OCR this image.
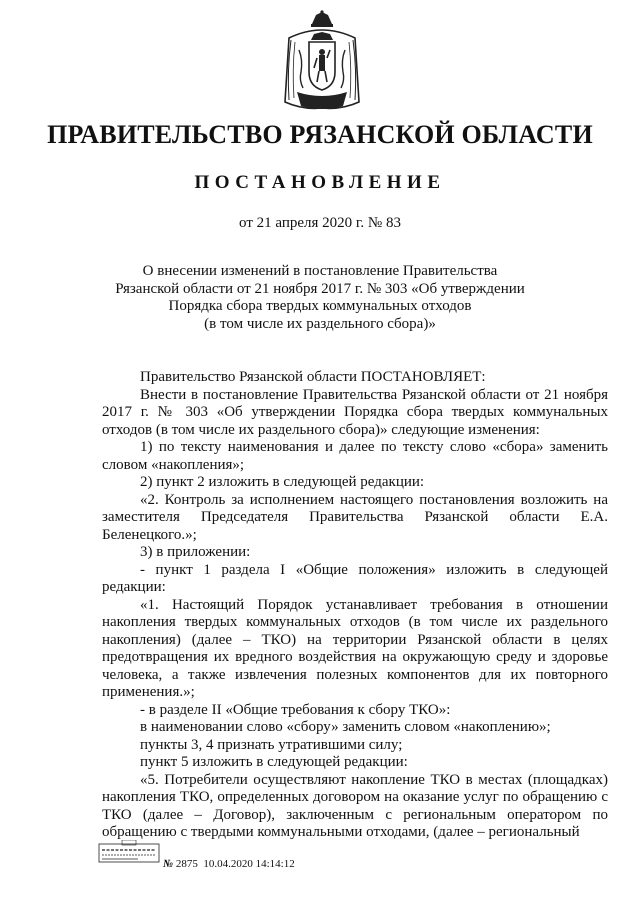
ПРАВИТЕЛЬСТВО РЯЗАНСКОЙ ОБЛАСТИ
ПОСТАНОВЛЕНИЕ
от 21 апреля 2020 г. № 83
О внесении изменений в постановление Правительства
Рязанской области от 21 ноября 2017 г. № 303 «Об утверждении
Порядка сбора твердых коммунальных отходов
(в том числе их раздельного сбора)»

Правительство Рязанской области ПОСТАНОВЛЯЕТ:

Внести в постановление Правительства Рязанской области от 21 ноября 2017 г. № 303 «Об утверждении Порядка сбора твердых коммунальных отходов (в том числе их раздельного сбора)» следующие изменения:

1) по тексту наименования и далее по тексту слово «сбора» заменить словом «накопления»;

2) пункт 2 изложить в следующей редакции:

«2. Контроль за исполнением настоящего постановления возложить на заместителя Председателя Правительства Рязанской области Е.А. Беленецкого.»;

3) в приложении:

- пункт 1 раздела I «Общие положения» изложить в следующей редакции:

«1. Настоящий Порядок устанавливает требования в отношении накопления твердых коммунальных отходов (в том числе их раздельного накопления) (далее – ТКО) на территории Рязанской области в целях предотвращения их вредного воздействия на окружающую среду и здоровье человека, а также извлечения полезных компонентов для их повторного применения.»;

- в разделе II «Общие требования к сбору ТКО»:

в наименовании слово «сбору» заменить словом «накоплению»;

пункты 3, 4 признать утратившими силу;

пункт 5 изложить в следующей редакции:

«5. Потребители осуществляют накопление ТКО в местах (площадках) накопления ТКО, определенных договором на оказание услуг по обращению с ТКО (далее – Договор), заключенным с региональным оператором по обращению с твердыми коммунальными отходами, (далее – региональный

№ 2875 10.04.2020 14:14:12
